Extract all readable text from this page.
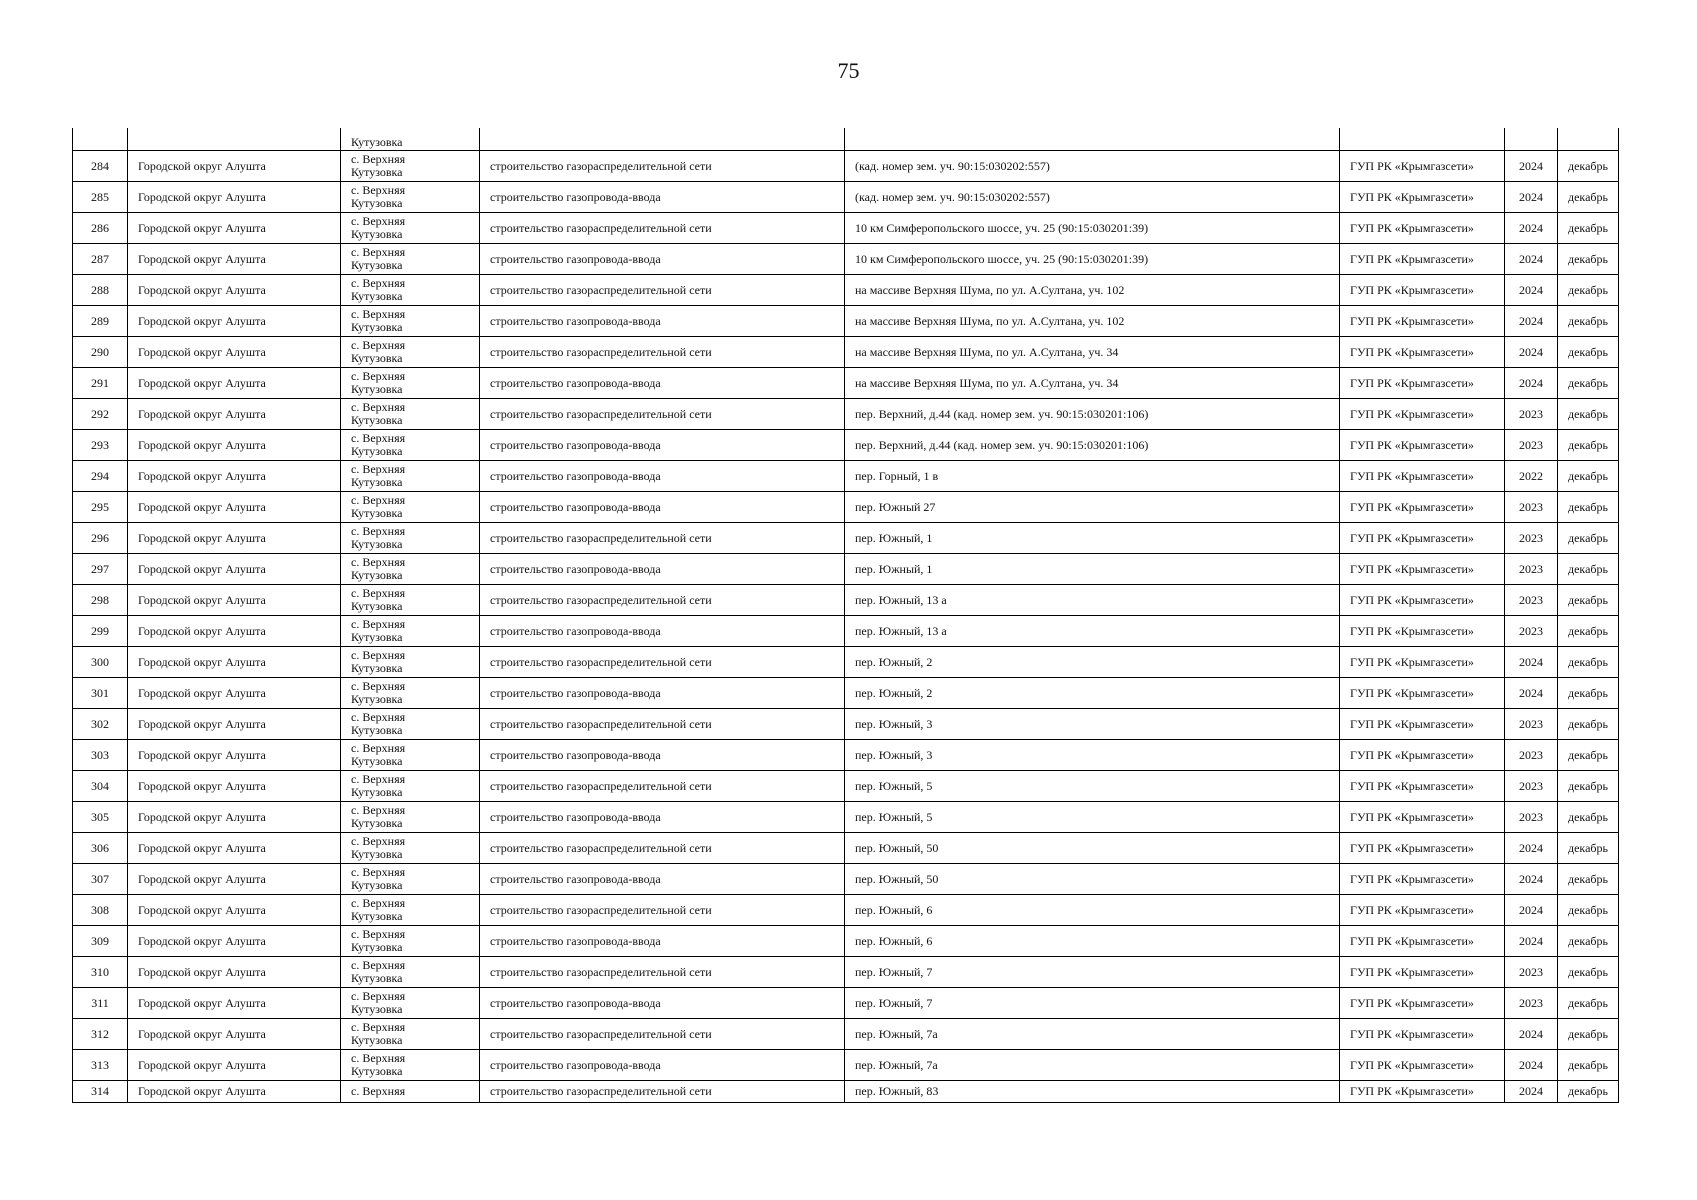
75
		Кутузовка					
284	Городской округ Алушта	с. Верхняя
Кутузовка	строительство газораспределительной сети	(кад. номер зем. уч. 90:15:030202:557)	ГУП РК «Крымгазсети»	2024	декабрь
285	Городской округ Алушта	с. Верхняя
Кутузовка	строительство газопровода-ввода	(кад. номер зем. уч. 90:15:030202:557)	ГУП РК «Крымгазсети»	2024	декабрь
286	Городской округ Алушта	с. Верхняя
Кутузовка	строительство газораспределительной сети	10 км Симферопольского шоссе, уч. 25 (90:15:030201:39)	ГУП РК «Крымгазсети»	2024	декабрь
287	Городской округ Алушта	с. Верхняя
Кутузовка	строительство газопровода-ввода	10 км Симферопольского шоссе, уч. 25 (90:15:030201:39)	ГУП РК «Крымгазсети»	2024	декабрь
288	Городской округ Алушта	с. Верхняя
Кутузовка	строительство газораспределительной сети	на массиве Верхняя Шума, по ул. А.Султана, уч. 102	ГУП РК «Крымгазсети»	2024	декабрь
289	Городской округ Алушта	с. Верхняя
Кутузовка	строительство газопровода-ввода	на массиве Верхняя Шума, по ул. А.Султана, уч. 102	ГУП РК «Крымгазсети»	2024	декабрь
290	Городской округ Алушта	с. Верхняя
Кутузовка	строительство газораспределительной сети	на массиве Верхняя Шума, по ул. А.Султана, уч. 34	ГУП РК «Крымгазсети»	2024	декабрь
291	Городской округ Алушта	с. Верхняя
Кутузовка	строительство газопровода-ввода	на массиве Верхняя Шума, по ул. А.Султана, уч. 34	ГУП РК «Крымгазсети»	2024	декабрь
292	Городской округ Алушта	с. Верхняя
Кутузовка	строительство газораспределительной сети	пер. Верхний, д.44 (кад. номер зем. уч. 90:15:030201:106)	ГУП РК «Крымгазсети»	2023	декабрь
293	Городской округ Алушта	с. Верхняя
Кутузовка	строительство газопровода-ввода	пер. Верхний, д.44 (кад. номер зем. уч. 90:15:030201:106)	ГУП РК «Крымгазсети»	2023	декабрь
294	Городской округ Алушта	с. Верхняя
Кутузовка	строительство газопровода-ввода	пер. Горный, 1 в	ГУП РК «Крымгазсети»	2022	декабрь
295	Городской округ Алушта	с. Верхняя
Кутузовка	строительство газопровода-ввода	пер. Южный 27	ГУП РК «Крымгазсети»	2023	декабрь
296	Городской округ Алушта	с. Верхняя
Кутузовка	строительство газораспределительной сети	пер. Южный, 1	ГУП РК «Крымгазсети»	2023	декабрь
297	Городской округ Алушта	с. Верхняя
Кутузовка	строительство газопровода-ввода	пер. Южный, 1	ГУП РК «Крымгазсети»	2023	декабрь
298	Городской округ Алушта	с. Верхняя
Кутузовка	строительство газораспределительной сети	пер. Южный, 13 а	ГУП РК «Крымгазсети»	2023	декабрь
299	Городской округ Алушта	с. Верхняя
Кутузовка	строительство газопровода-ввода	пер. Южный, 13 а	ГУП РК «Крымгазсети»	2023	декабрь
300	Городской округ Алушта	с. Верхняя
Кутузовка	строительство газораспределительной сети	пер. Южный, 2	ГУП РК «Крымгазсети»	2024	декабрь
301	Городской округ Алушта	с. Верхняя
Кутузовка	строительство газопровода-ввода	пер. Южный, 2	ГУП РК «Крымгазсети»	2024	декабрь
302	Городской округ Алушта	с. Верхняя
Кутузовка	строительство газораспределительной сети	пер. Южный, 3	ГУП РК «Крымгазсети»	2023	декабрь
303	Городской округ Алушта	с. Верхняя
Кутузовка	строительство газопровода-ввода	пер. Южный, 3	ГУП РК «Крымгазсети»	2023	декабрь
304	Городской округ Алушта	с. Верхняя
Кутузовка	строительство газораспределительной сети	пер. Южный, 5	ГУП РК «Крымгазсети»	2023	декабрь
305	Городской округ Алушта	с. Верхняя
Кутузовка	строительство газопровода-ввода	пер. Южный, 5	ГУП РК «Крымгазсети»	2023	декабрь
306	Городской округ Алушта	с. Верхняя
Кутузовка	строительство газораспределительной сети	пер. Южный, 50	ГУП РК «Крымгазсети»	2024	декабрь
307	Городской округ Алушта	с. Верхняя
Кутузовка	строительство газопровода-ввода	пер. Южный, 50	ГУП РК «Крымгазсети»	2024	декабрь
308	Городской округ Алушта	с. Верхняя
Кутузовка	строительство газораспределительной сети	пер. Южный, 6	ГУП РК «Крымгазсети»	2024	декабрь
309	Городской округ Алушта	с. Верхняя
Кутузовка	строительство газопровода-ввода	пер. Южный, 6	ГУП РК «Крымгазсети»	2024	декабрь
310	Городской округ Алушта	с. Верхняя
Кутузовка	строительство газораспределительной сети	пер. Южный, 7	ГУП РК «Крымгазсети»	2023	декабрь
311	Городской округ Алушта	с. Верхняя
Кутузовка	строительство газопровода-ввода	пер. Южный, 7	ГУП РК «Крымгазсети»	2023	декабрь
312	Городской округ Алушта	с. Верхняя
Кутузовка	строительство газораспределительной сети	пер. Южный, 7а	ГУП РК «Крымгазсети»	2024	декабрь
313	Городской округ Алушта	с. Верхняя
Кутузовка	строительство газопровода-ввода	пер. Южный, 7а	ГУП РК «Крымгазсети»	2024	декабрь
314	Городской округ Алушта	с. Верхняя	строительство газораспределительной сети	пер. Южный, 83	ГУП РК «Крымгазсети»	2024	декабрь
